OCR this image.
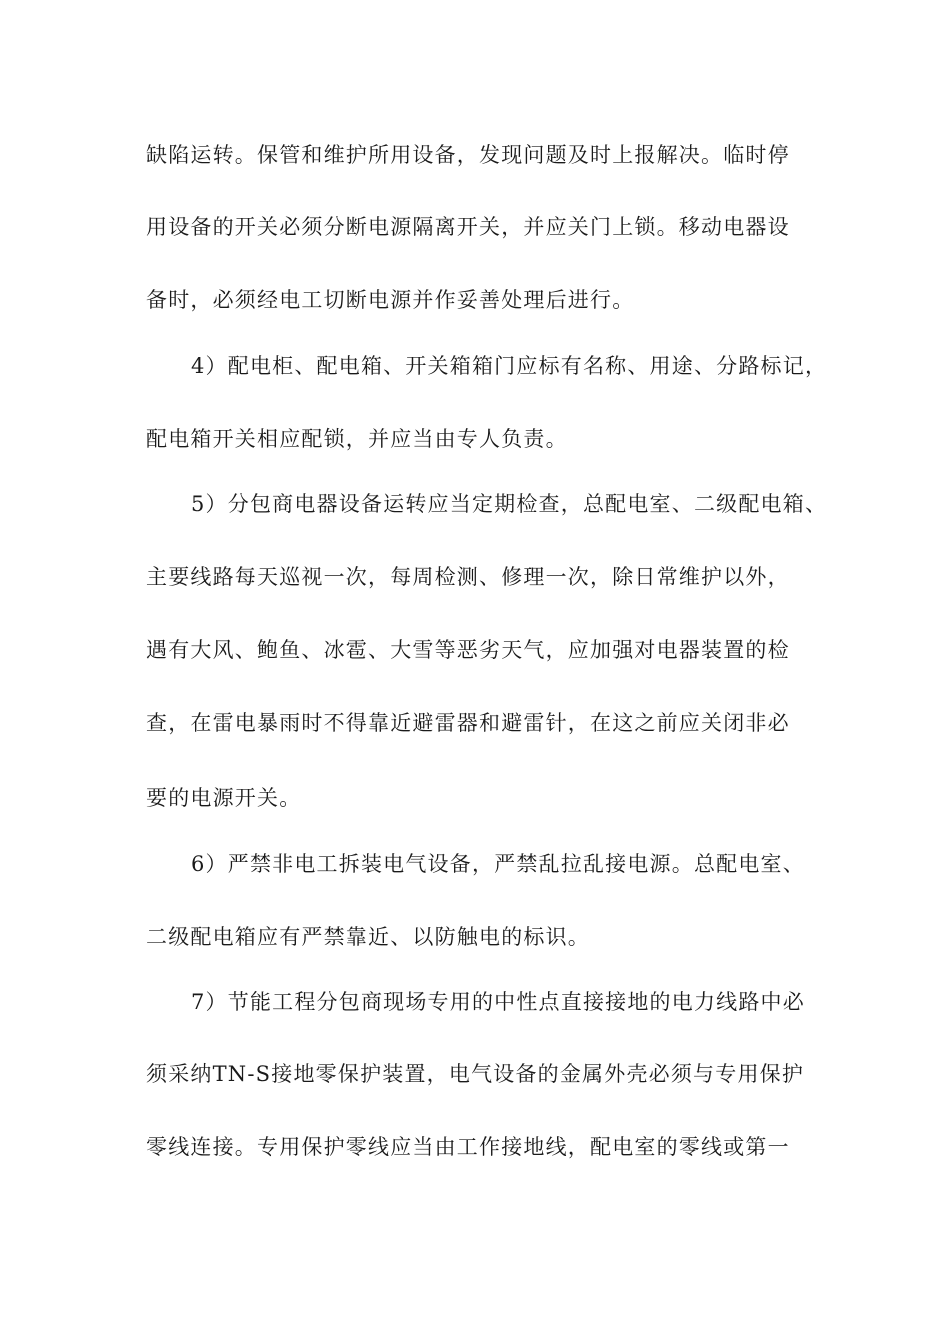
缺陷运转。保管和维护所用设备，发现问题及时上报解决。临时停
用设备的开关必须分断电源隔离开关，并应关门上锁。移动电器设
备时，必须经电工切断电源并作妥善处理后进行。
4）配电柜、配电箱、开关箱箱门应标有名称、用途、分路标记，
配电箱开关相应配锁，并应当由专人负责。
5）分包商电器设备运转应当定期检查，总配电室、二级配电箱、
主要线路每天巡视一次，每周检测、修理一次，除日常维护以外，
遇有大风、鲍鱼、冰雹、大雪等恶劣天气，应加强对电器装置的检
查，在雷电暴雨时不得靠近避雷器和避雷针，在这之前应关闭非必
要的电源开关。
6）严禁非电工拆装电气设备，严禁乱拉乱接电源。总配电室、
二级配电箱应有严禁靠近、以防触电的标识。
7）节能工程分包商现场专用的中性点直接接地的电力线路中必
须采纳TN-S接地零保护装置，电气设备的金属外壳必须与专用保护
零线连接。专用保护零线应当由工作接地线，配电室的零线或第一
